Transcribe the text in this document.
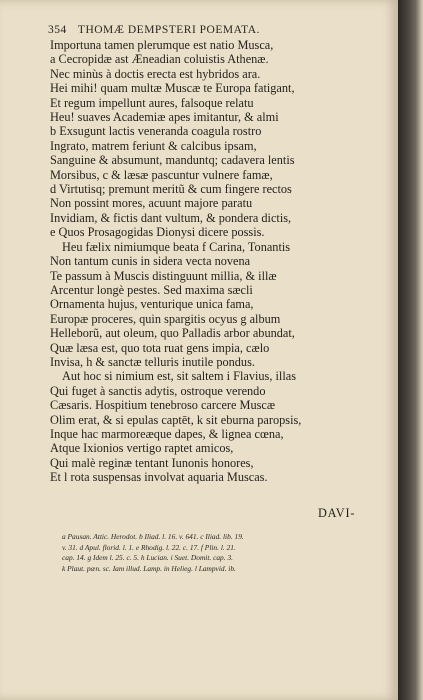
354 THOMÆ DEMPSTERI POEMATA.
Importuna tamen plerumque est natio Musca,
a Cecropidæ ast Æneadian coluistis Athenæ.
Nec minùs à doctis erecta est hybridos ara.
Hei mihi! quam multæ Muscæ te Europa fatigant,
Et regum impellunt aures, falsoque relatu
Heu! suaves Academiæ apes imitantur, & almi
b Exsugunt lactis veneranda coagula rostro
Ingrato, matrem feriunt & calcibus ipsam,
Sanguine & absumunt, manduntq; cadavera lentis
Morsibus, c & læsæ pascuntur vulnere famæ,
d Virtutisq; premunt meritũ & cum fingere rectos
Non possint mores, acuunt majore paratu
Invidiam, & fictis dant vultum, & pondera dictis,
e Quos Prosagogidas Dionysi dicere possis.
Heu fælix nimiumque beata f Carina, Tonantis
Non tantum cunis in sidera vecta novena
Te passum à Muscis distinguunt millia, & illæ
Arcentur longè pestes. Sed maxima sæcli
Ornamenta hujus, venturique unica fama,
Europæ proceres, quin spargitis ocyus g album
Helleborũ, aut oleum, quo Palladis arbor abundat,
Quæ læsa est, quo tota ruat gens impia, cælo
Invisa, h & sanctæ telluris inutile pondus.
Aut hoc si nimium est, sit saltem i Flavius, illas
Qui fuget à sanctis adytis, ostroque verendo
Cæsaris. Hospitium tenebroso carcere Muscæ
Olim erat, & si epulas captēt, k sit eburna paropsis,
Inque hac marmoreæque dapes, & lignea cœna,
Atque Ixionios vertigo raptet amicos,
Qui malè reginæ tentant Iunonis honores,
Et l rota suspensas involvat aquaria Muscas.
DAVI-
a Pausan. Attic. Herodot. b Iliad. l. 16. v. 641. c Iliad. lib. 19.
v. 31. d Apul. florid. l. 1. e Rhodig. l. 22. c. 17. f Plin. l. 21.
cap. 14. g Idem l. 25. c. 5. h Lucian. i Suet. Domit. cap. 3.
k Plaut. pæn. sc. Iam illud. Lamp. in Helieg. l Lampvid. ib.
